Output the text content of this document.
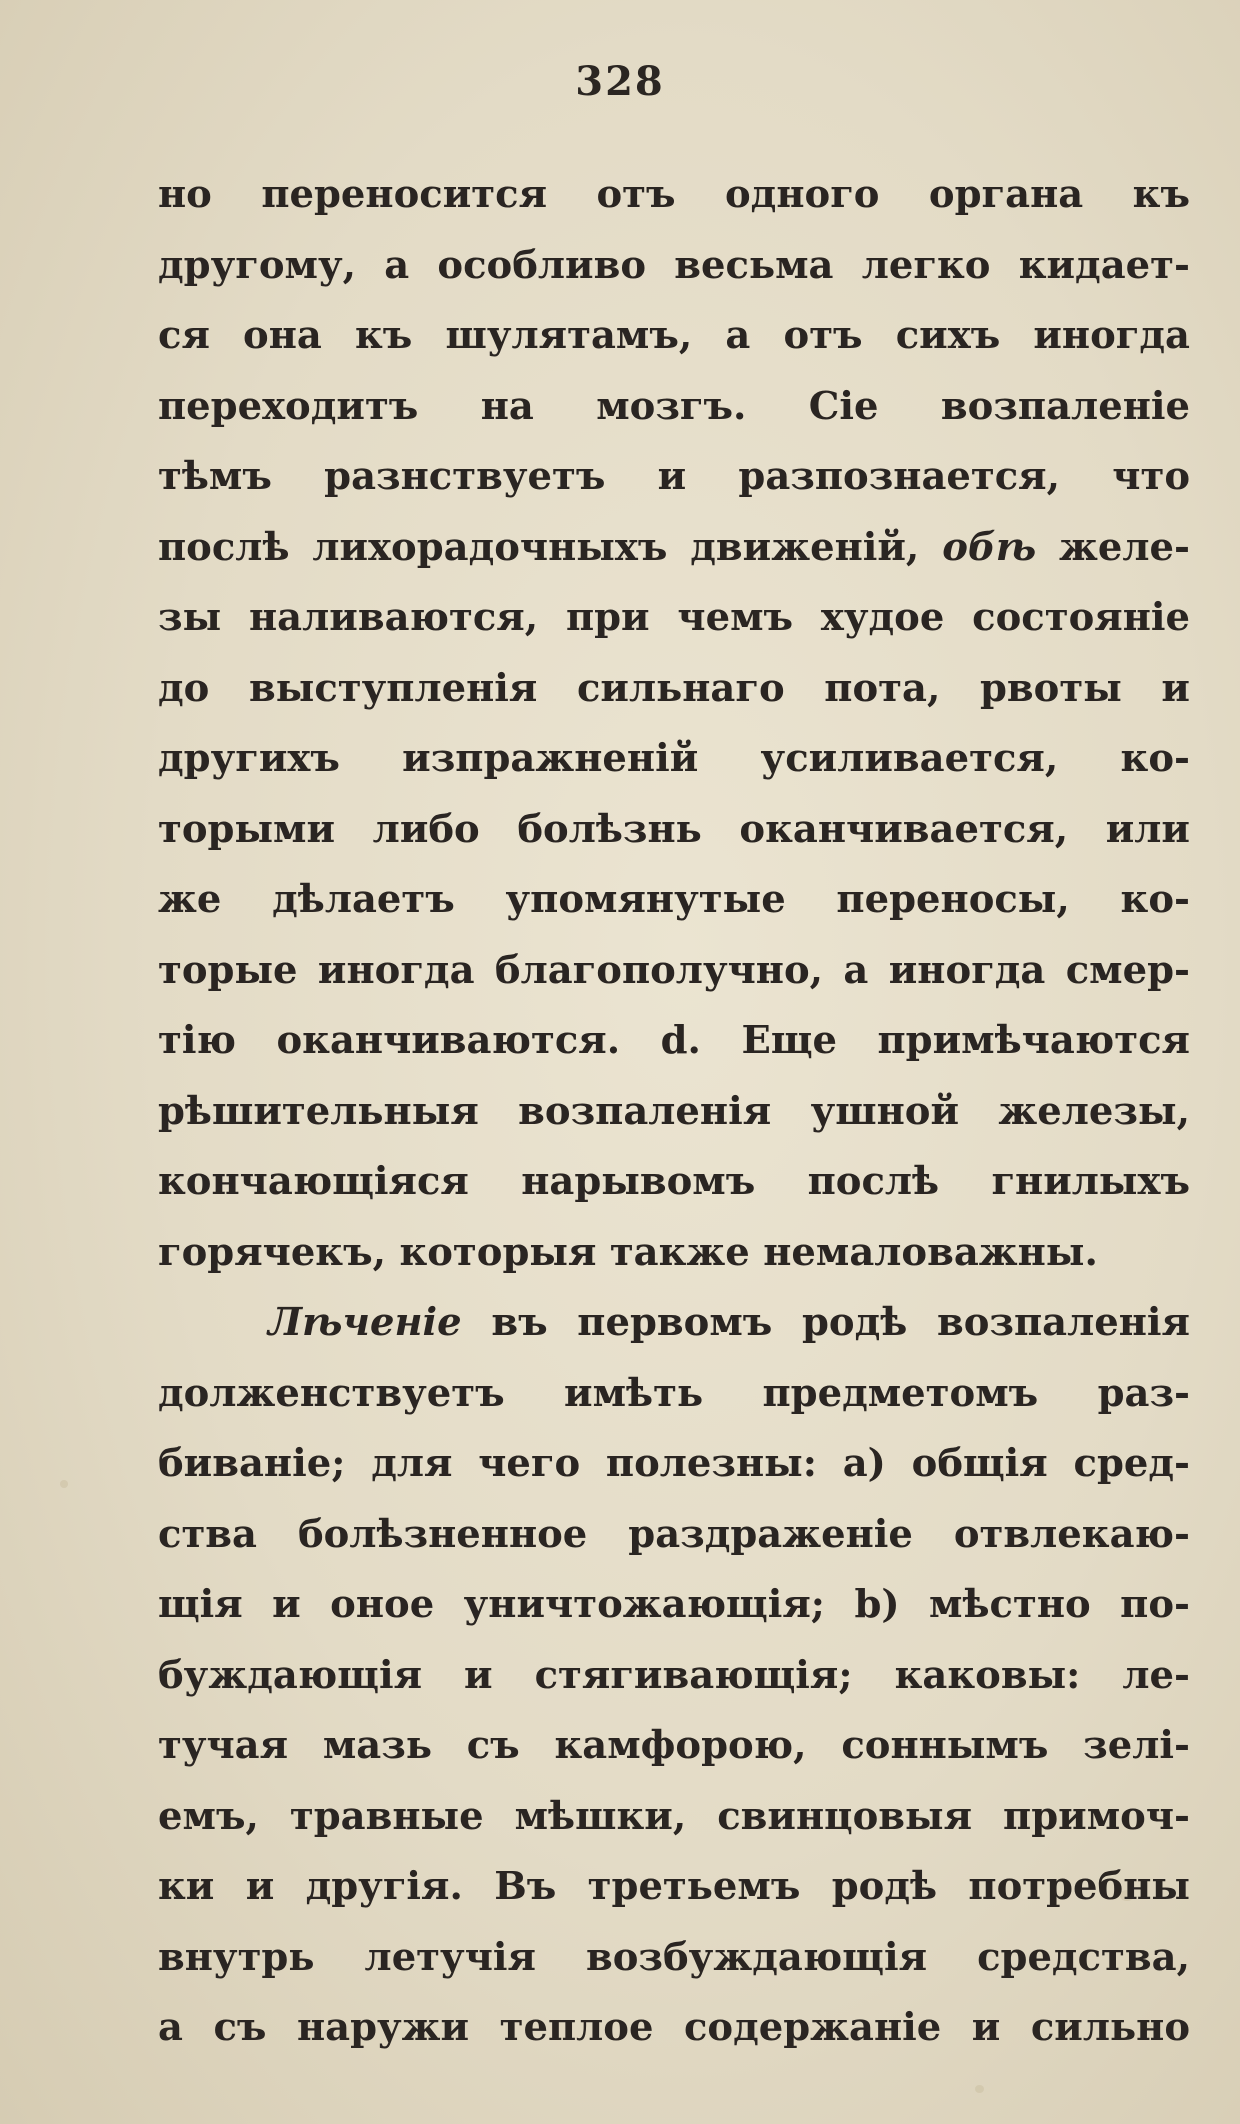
328
но переносится отъ одного органа къ
другому, а особливо весьма легко кидает-
ся она къ шулятамъ, а отъ сихъ иногда
переходитъ на мозгъ. Сіе возпаленіе
тѣмъ разнствуетъ и разпознается, что
послѣ лихорадочныхъ движеній, обѣ желе-
зы наливаются, при чемъ худое состояніе
до выступленія сильнаго пота, рвоты и
другихъ изпражненій усиливается, ко-
торыми либо болѣзнь оканчивается, или
же дѣлаетъ упомянутые переносы, ко-
торые иногда благополучно, а иногда смер-
тію оканчиваются. d. Еще примѣчаются
рѣшительныя возпаленія ушной железы,
кончающіяся нарывомъ послѣ гнилыхъ
горячекъ, которыя также немаловажны.
Лѣченіе въ первомъ родѣ возпаленія
долженствуетъ имѣть предметомъ раз-
биваніе; для чего полезны: a) общія сред-
ства болѣзненное раздраженіе отвлекаю-
щія и оное уничтожающія; b) мѣстно по-
буждающія и стягивающія; каковы: ле-
тучая мазь съ камфорою, соннымъ зелі-
емъ, травные мѣшки, свинцовыя примоч-
ки и другія. Въ третьемъ родѣ потребны
внутрь летучія возбуждающія средства,
а съ наружи теплое содержаніе и сильно
